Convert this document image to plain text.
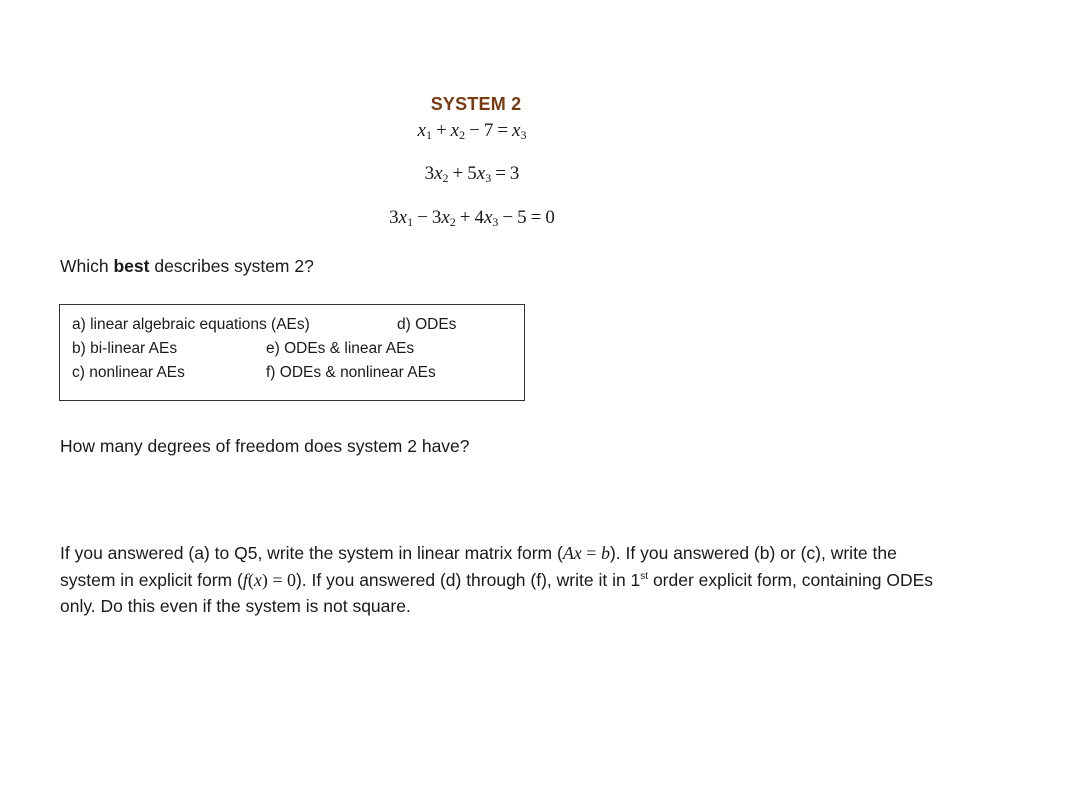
SYSTEM 2
$x_1 + x_2 - 7 = x_3$
$3x_2 + 5x_3 = 3$
$3x_1 - 3x_2 + 4x_3 - 5 = 0$
Which best describes system 2?
a) linear algebraic equations (AEs)	d) ODEs
b) bi-linear AEs	e) ODEs & linear AEs
c) nonlinear AEs	f) ODEs & nonlinear AEs
How many degrees of freedom does system 2 have?
If you answered (a) to Q5, write the system in linear matrix form (Ax = b). If you answered (b) or (c), write the system in explicit form (f(x) = 0). If you answered (d) through (f), write it in 1st order explicit form, containing ODEs only. Do this even if the system is not square.
